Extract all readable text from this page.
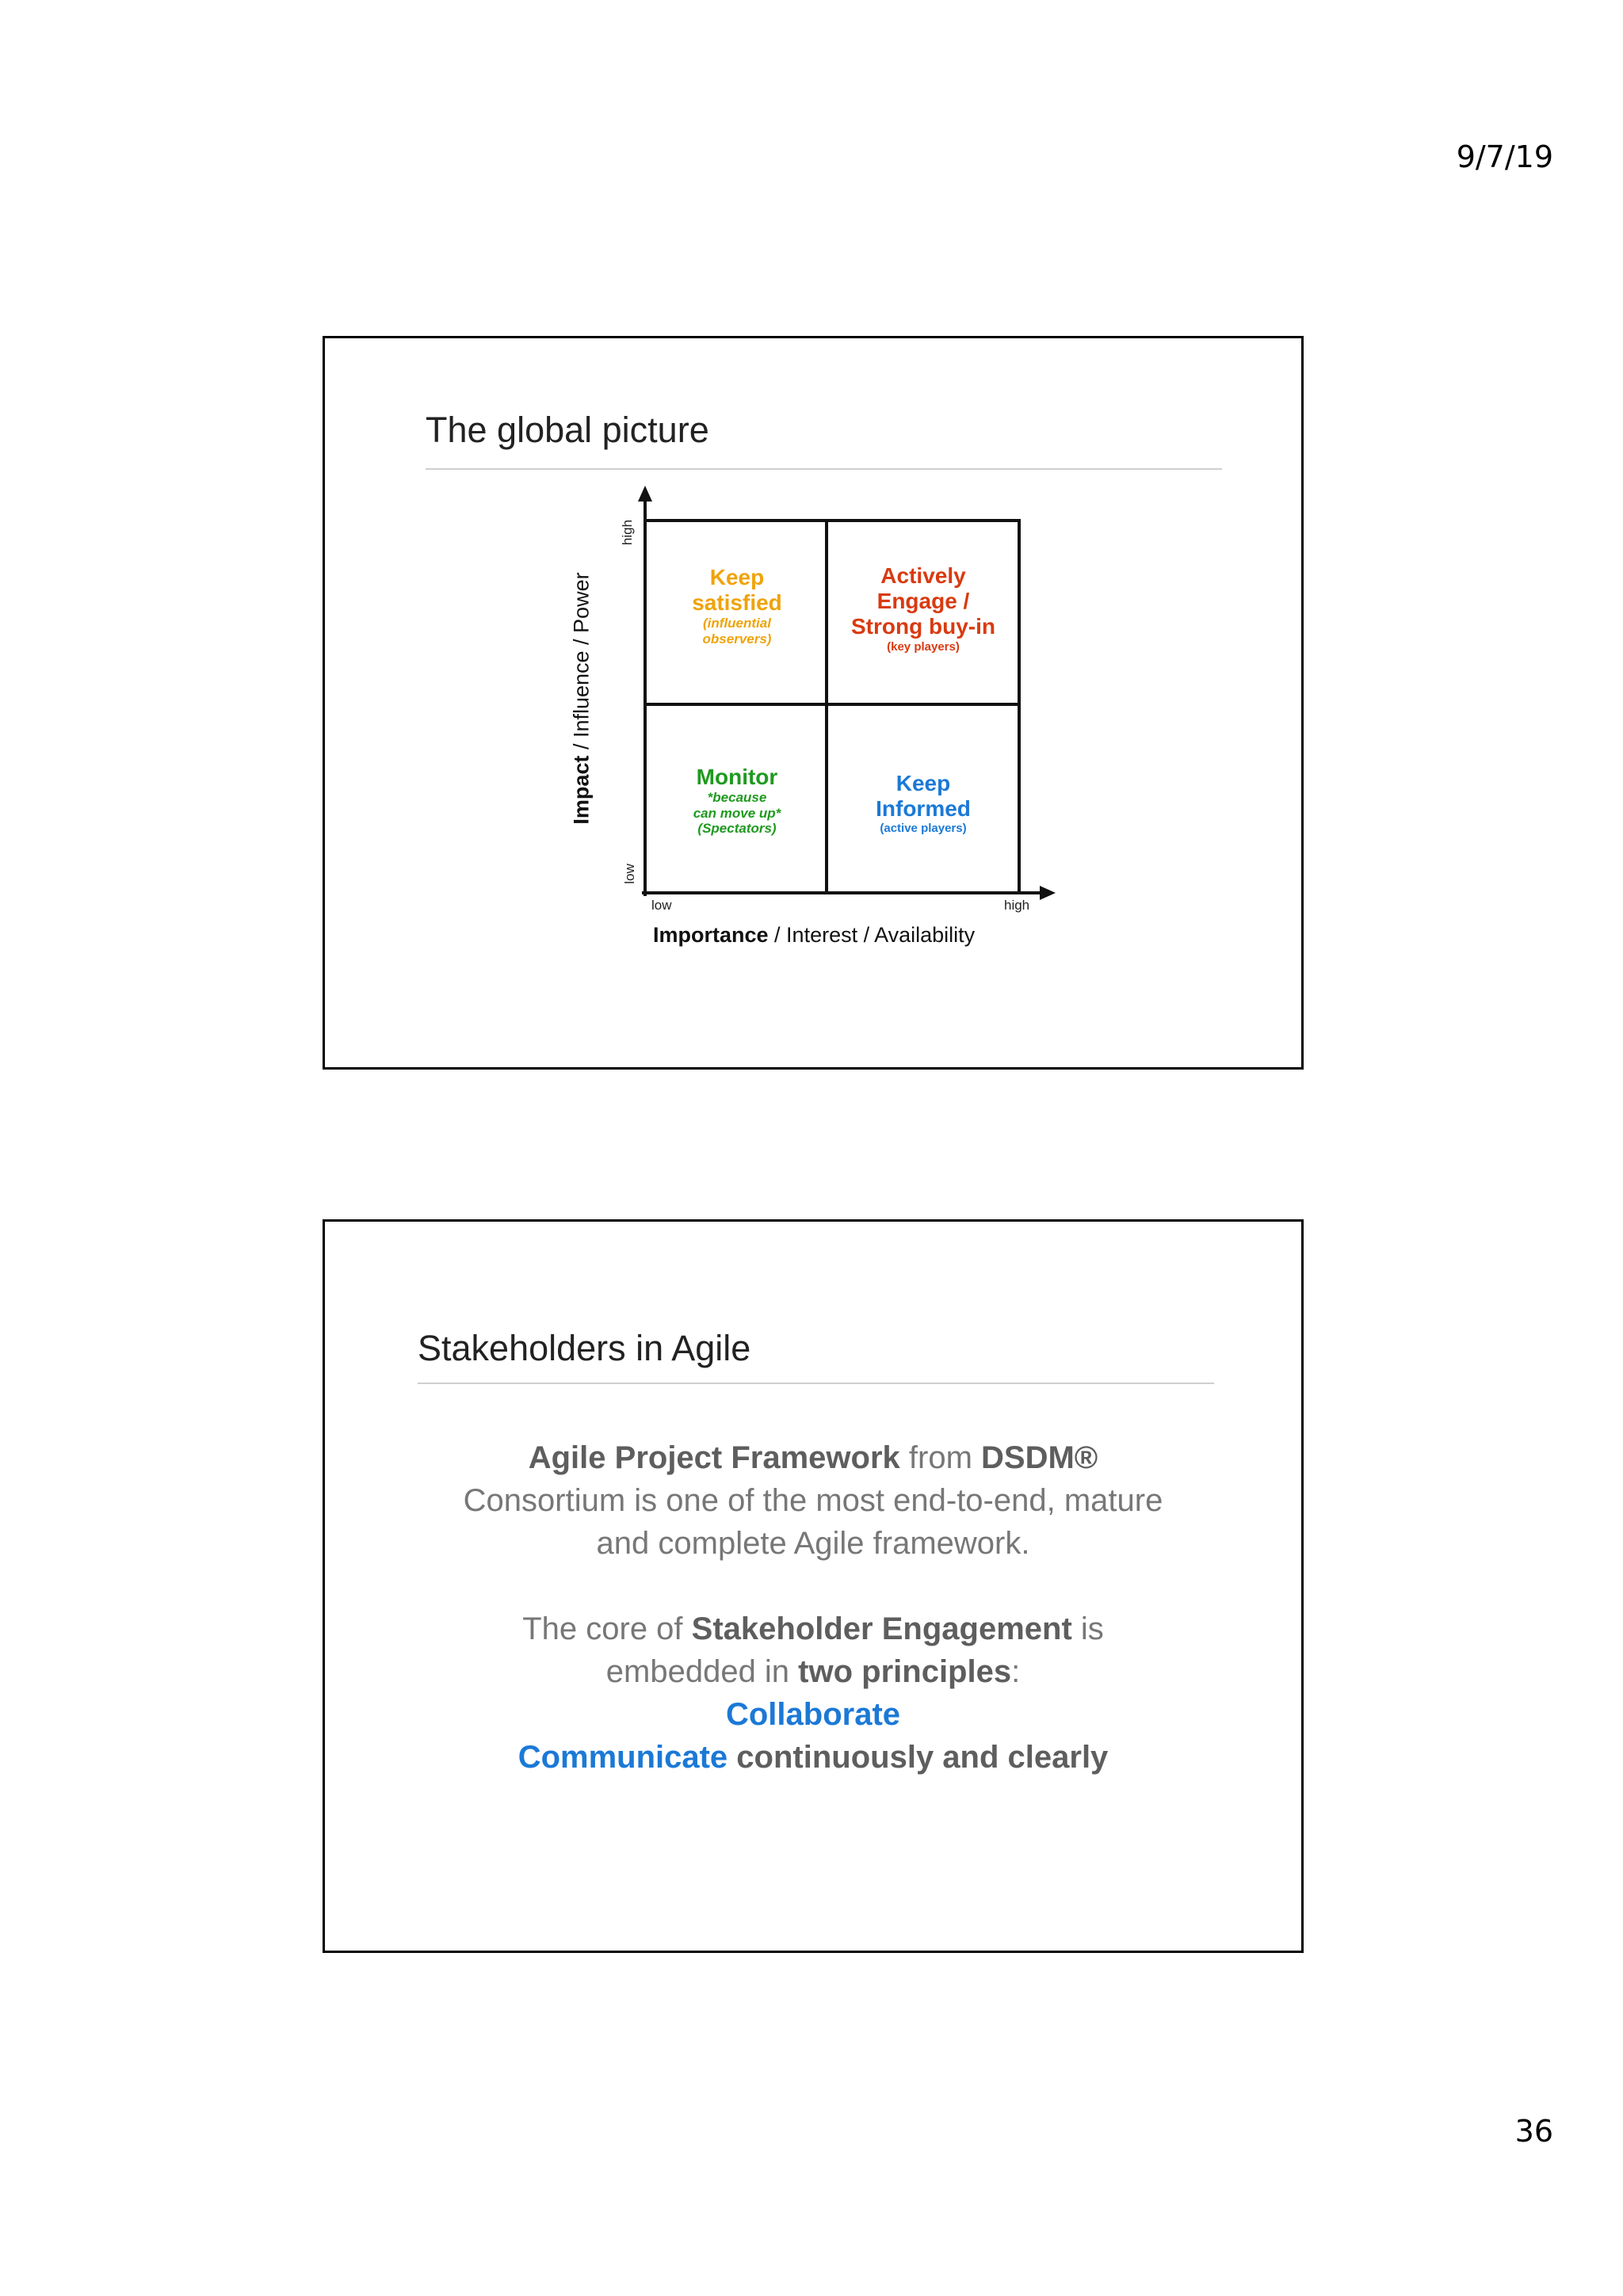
9/7/19
The global picture
Keep
satisfied
(influential
observers)
Actively
Engage /
Strong buy-in
(key players)
Monitor
*because
can move up*
(Spectators)
Keep
Informed
(active players)
high
low
low	high
Impact / Influence / Power
Importance / Interest / Availability
Stakeholders in Agile
Agile Project Framework from DSDM®
Consortium is one of the most end-to-end, mature
and complete Agile framework.
The core of Stakeholder Engagement is
embedded in two principles:
Collaborate
Communicate continuously and clearly
36
